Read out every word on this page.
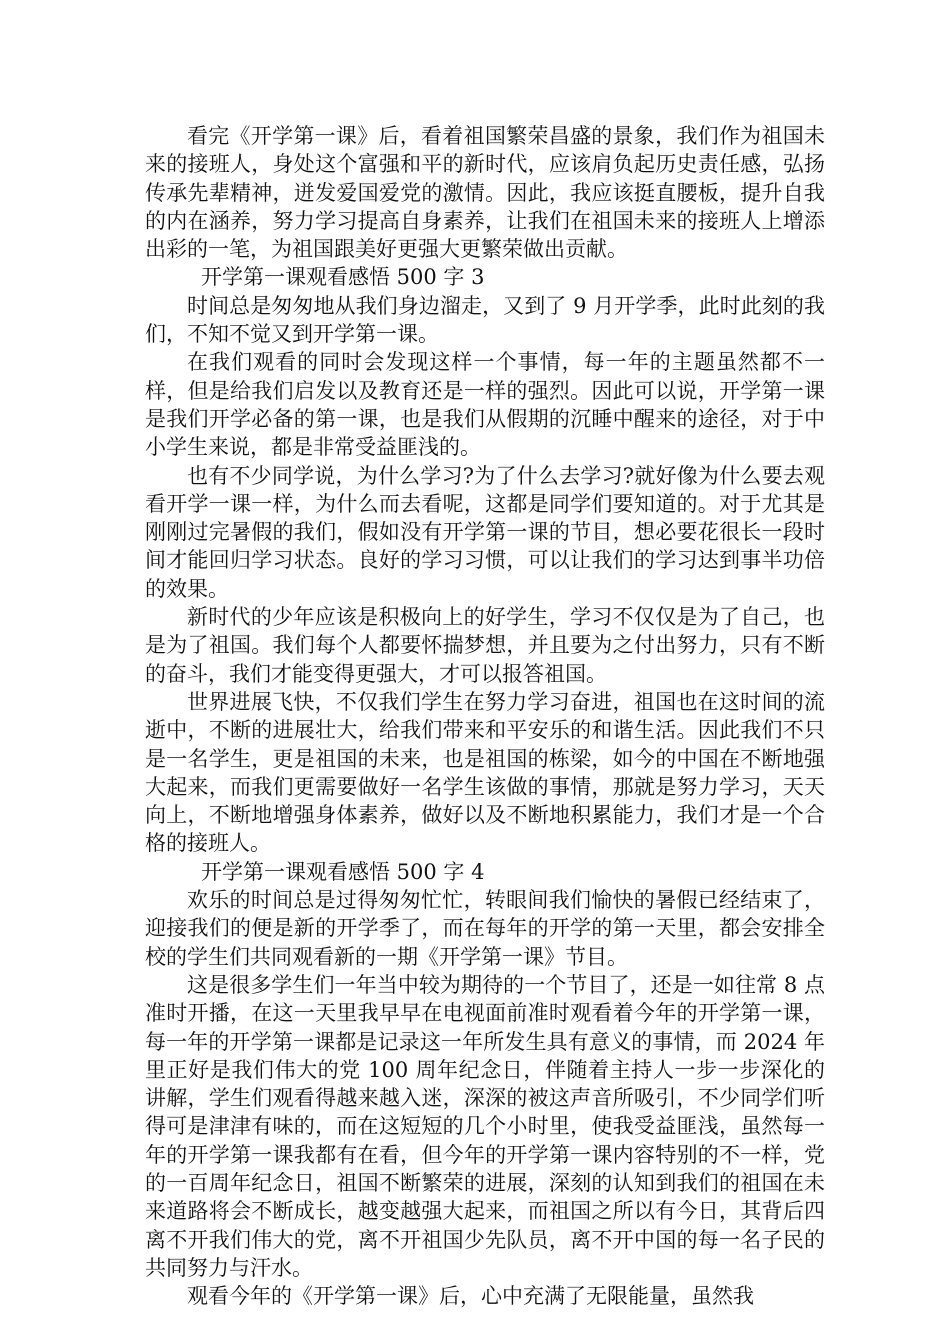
看完《开学第一课》后，看着祖国繁荣昌盛的景象，我们作为祖国未来的接班人，身处这个富强和平的新时代，应该肩负起历史责任感，弘扬传承先辈精神，迸发爱国爱党的激情。因此，我应该挺直腰板，提升自我的内在涵养，努力学习提高自身素养，让我们在祖国未来的接班人上增添出彩的一笔，为祖国跟美好更强大更繁荣做出贡献。

开学第一课观看感悟 500 字 3

时间总是匆匆地从我们身边溜走，又到了 9 月开学季，此时此刻的我们，不知不觉又到开学第一课。

在我们观看的同时会发现这样一个事情，每一年的主题虽然都不一样，但是给我们启发以及教育还是一样的强烈。因此可以说，开学第一课是我们开学必备的第一课，也是我们从假期的沉睡中醒来的途径，对于中小学生来说，都是非常受益匪浅的。

也有不少同学说，为什么学习?为了什么去学习?就好像为什么要去观看开学一课一样，为什么而去看呢，这都是同学们要知道的。对于尤其是刚刚过完暑假的我们，假如没有开学第一课的节目，想必要花很长一段时间才能回归学习状态。良好的学习习惯，可以让我们的学习达到事半功倍的效果。

新时代的少年应该是积极向上的好学生，学习不仅仅是为了自己，也是为了祖国。我们每个人都要怀揣梦想，并且要为之付出努力，只有不断的奋斗，我们才能变得更强大，才可以报答祖国。

世界进展飞快，不仅我们学生在努力学习奋进，祖国也在这时间的流逝中，不断的进展壮大，给我们带来和平安乐的和谐生活。因此我们不只是一名学生，更是祖国的未来，也是祖国的栋梁，如今的中国在不断地强大起来，而我们更需要做好一名学生该做的事情，那就是努力学习，天天向上，不断地增强身体素养，做好以及不断地积累能力，我们才是一个合格的接班人。

开学第一课观看感悟 500 字 4

欢乐的时间总是过得匆匆忙忙，转眼间我们愉快的暑假已经结束了，迎接我们的便是新的开学季了，而在每年的开学的第一天里，都会安排全校的学生们共同观看新的一期《开学第一课》节目。

这是很多学生们一年当中较为期待的一个节目了，还是一如往常 8 点准时开播，在这一天里我早早在电视面前准时观看着今年的开学第一课，每一年的开学第一课都是记录这一年所发生具有意义的事情，而 2024 年里正好是我们伟大的党 100 周年纪念日，伴随着主持人一步一步深化的讲解，学生们观看得越来越入迷，深深的被这声音所吸引，不少同学们听得可是津津有味的，而在这短短的几个小时里，使我受益匪浅，虽然每一年的开学第一课我都有在看，但今年的开学第一课内容特别的不一样，党的一百周年纪念日，祖国不断繁荣的进展，深刻的认知到我们的祖国在未来道路将会不断成长，越变越强大起来，而祖国之所以有今日，其背后四离不开我们伟大的党，离不开祖国少先队员，离不开中国的每一名子民的共同努力与汗水。

观看今年的《开学第一课》后，心中充满了无限能量，虽然我
